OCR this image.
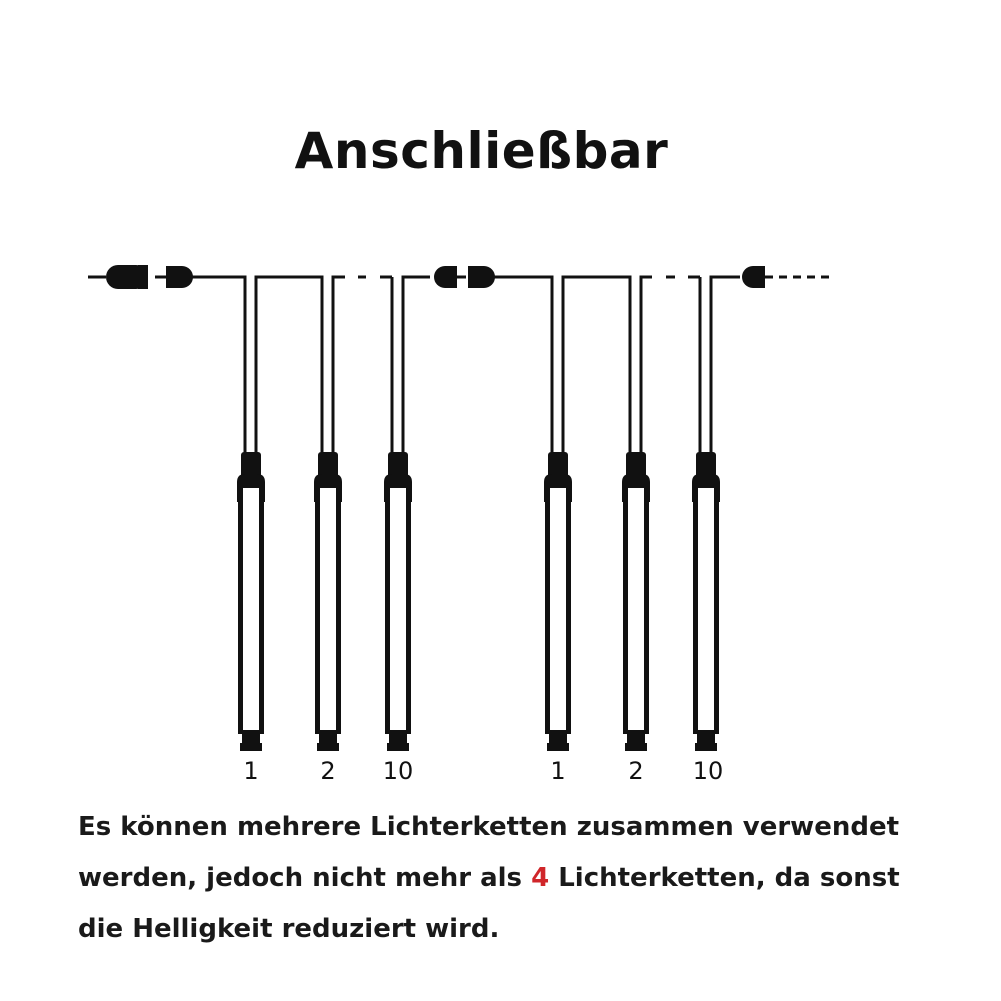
Anschließbar
1	2	10	1	2	10
Es können mehrere Lichterketten zusammen verwendet
werden, jedoch nicht mehr als 4 Lichterketten, da sonst
die Helligkeit reduziert wird.
